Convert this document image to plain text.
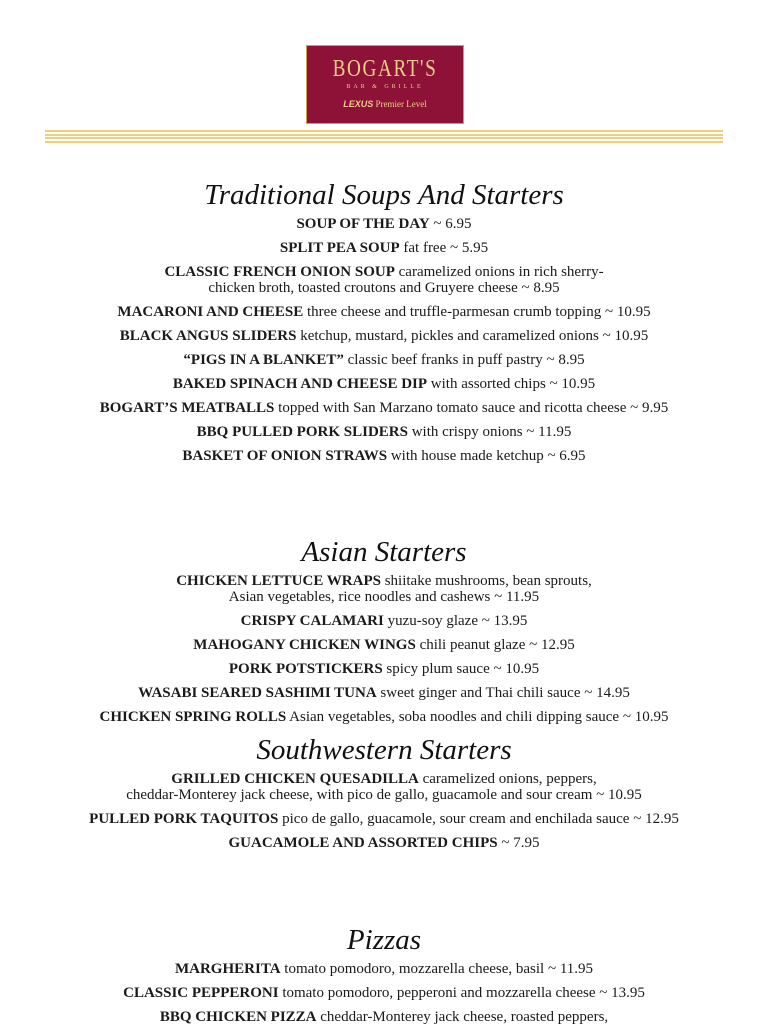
BOGART'S
BAR & GRILLE
LEXUS Premier Level
Traditional Soups And Starters
SOUP OF THE DAY ~ 6.95
SPLIT PEA SOUP fat free ~ 5.95
CLASSIC FRENCH ONION SOUP caramelized onions in rich sherry-
chicken broth, toasted croutons and Gruyere cheese ~ 8.95
MACARONI AND CHEESE three cheese and truffle-parmesan crumb topping ~ 10.95
BLACK ANGUS SLIDERS ketchup, mustard, pickles and caramelized onions ~ 10.95
“PIGS IN A BLANKET” classic beef franks in puff pastry ~ 8.95
BAKED SPINACH AND CHEESE DIP with assorted chips ~ 10.95
BOGART’S MEATBALLS topped with San Marzano tomato sauce and ricotta cheese ~ 9.95
BBQ PULLED PORK SLIDERS with crispy onions ~ 11.95
BASKET OF ONION STRAWS with house made ketchup ~ 6.95
Asian Starters
CHICKEN LETTUCE WRAPS shiitake mushrooms, bean sprouts,
Asian vegetables, rice noodles and cashews ~ 11.95
CRISPY CALAMARI yuzu-soy glaze ~ 13.95
MAHOGANY CHICKEN WINGS chili peanut glaze ~ 12.95
PORK POTSTICKERS spicy plum sauce ~ 10.95
WASABI SEARED SASHIMI TUNA sweet ginger and Thai chili sauce ~ 14.95
CHICKEN SPRING ROLLS Asian vegetables, soba noodles and chili dipping sauce ~ 10.95
Southwestern Starters
GRILLED CHICKEN QUESADILLA caramelized onions, peppers,
cheddar-Monterey jack cheese, with pico de gallo, guacamole and sour cream ~ 10.95
PULLED PORK TAQUITOS pico de gallo, guacamole, sour cream and enchilada sauce ~ 12.95
GUACAMOLE AND ASSORTED CHIPS ~ 7.95
Pizzas
MARGHERITA tomato pomodoro, mozzarella cheese, basil ~ 11.95
CLASSIC PEPPERONI tomato pomodoro, pepperoni and mozzarella cheese ~ 13.95
BBQ CHICKEN PIZZA cheddar-Monterey jack cheese, roasted peppers,
